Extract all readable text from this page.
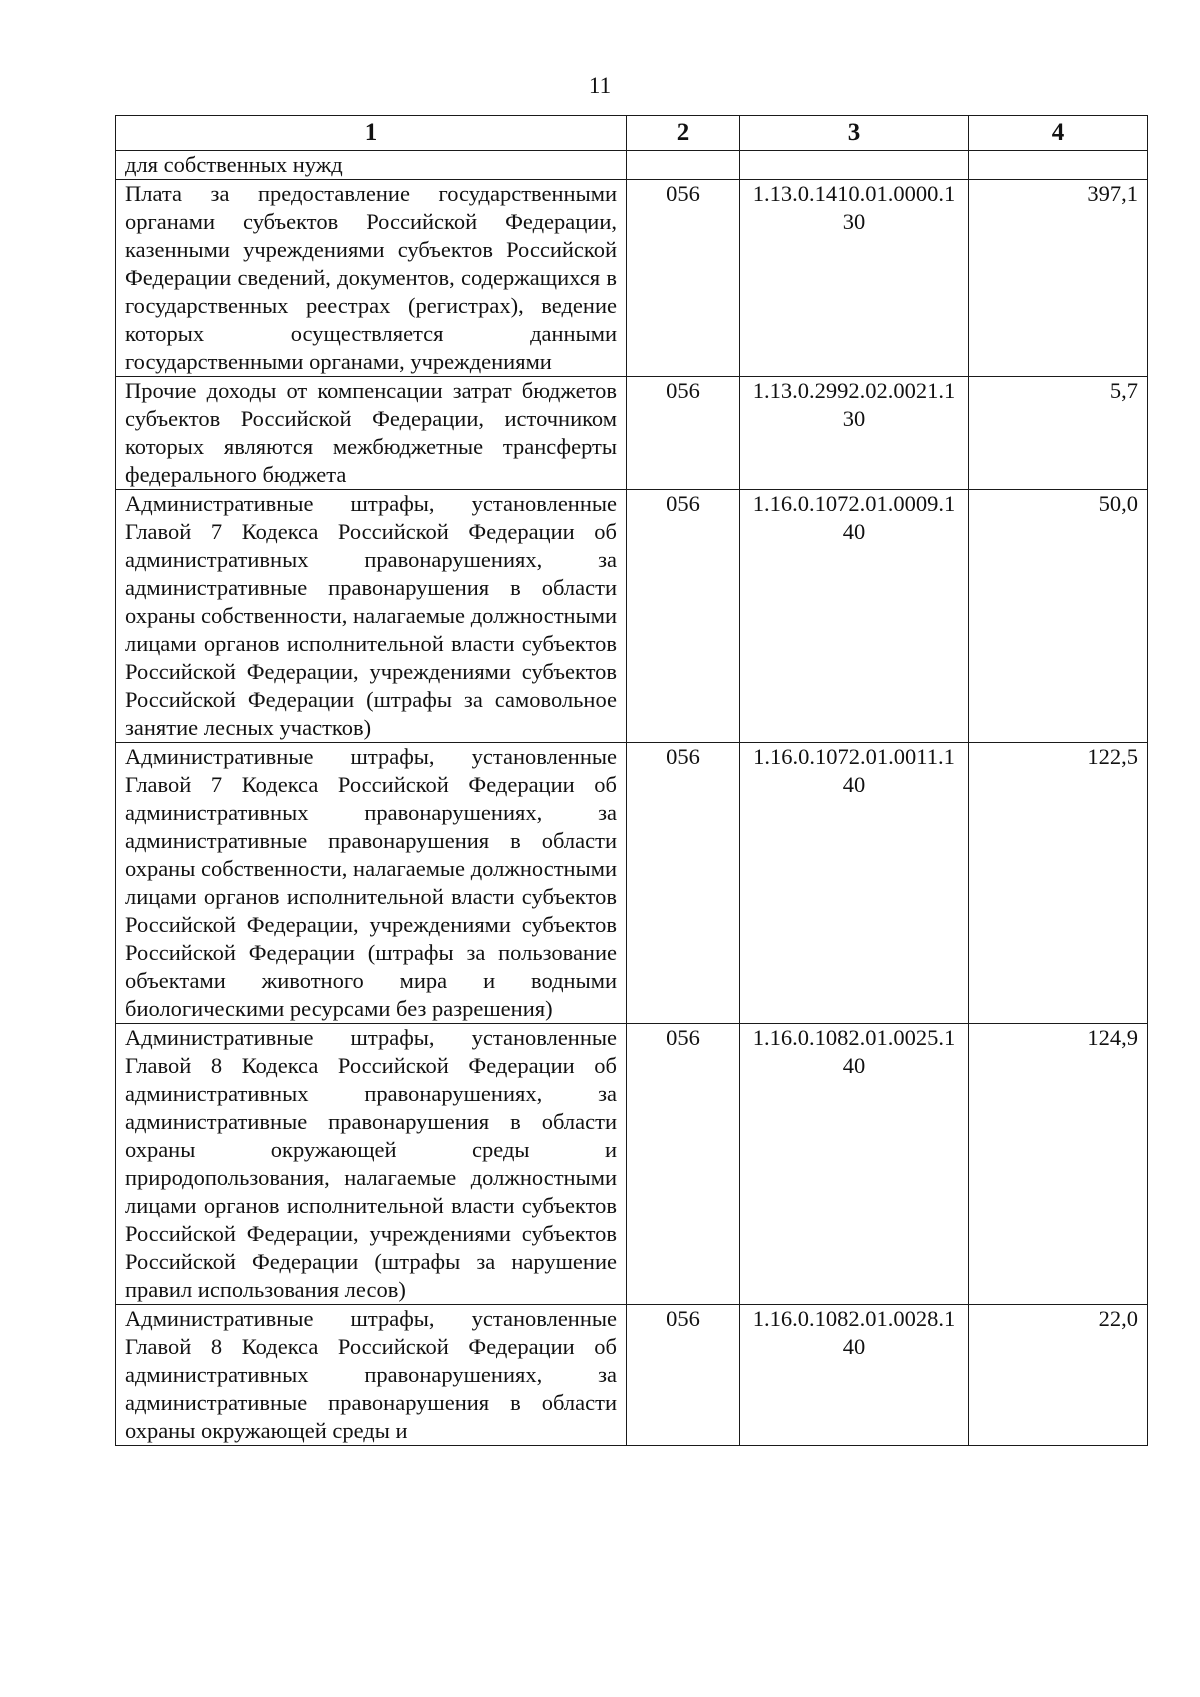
11
1	2	3	4
для собственных нужд			
Плата за предоставление государственными органами субъектов Российской Федерации, казенными учреждениями субъектов Российской Федерации сведений, документов, содержащихся в государственных реестрах (регистрах), ведение которых осуществляется данными государственными органами, учреждениями	056	1.13.0.1410.01.0000.130	397,1
Прочие доходы от компенсации затрат бюджетов субъектов Российской Федерации, источником которых являются межбюджетные трансферты федерального бюджета	056	1.13.0.2992.02.0021.130	5,7
Административные штрафы, установленные Главой 7 Кодекса Российской Федерации об административных правонарушениях, за административные правонарушения в области охраны собственности, налагаемые должностными лицами органов исполнительной власти субъектов Российской Федерации, учреждениями субъектов Российской Федерации (штрафы за самовольное занятие лесных участков)	056	1.16.0.1072.01.0009.140	50,0
Административные штрафы, установленные Главой 7 Кодекса Российской Федерации об административных правонарушениях, за административные правонарушения в области охраны собственности, налагаемые должностными лицами органов исполнительной власти субъектов Российской Федерации, учреждениями субъектов Российской Федерации (штрафы за пользование объектами животного мира и водными биологическими ресурсами без разрешения)	056	1.16.0.1072.01.0011.140	122,5
Административные штрафы, установленные Главой 8 Кодекса Российской Федерации об административных правонарушениях, за административные правонарушения в области охраны окружающей среды и природопользования, налагаемые должностными лицами органов исполнительной власти субъектов Российской Федерации, учреждениями субъектов Российской Федерации (штрафы за нарушение правил использования лесов)	056	1.16.0.1082.01.0025.140	124,9
Административные штрафы, установленные Главой 8 Кодекса Российской Федерации об административных правонарушениях, за административные правонарушения в области охраны окружающей среды и	056	1.16.0.1082.01.0028.140	22,0
